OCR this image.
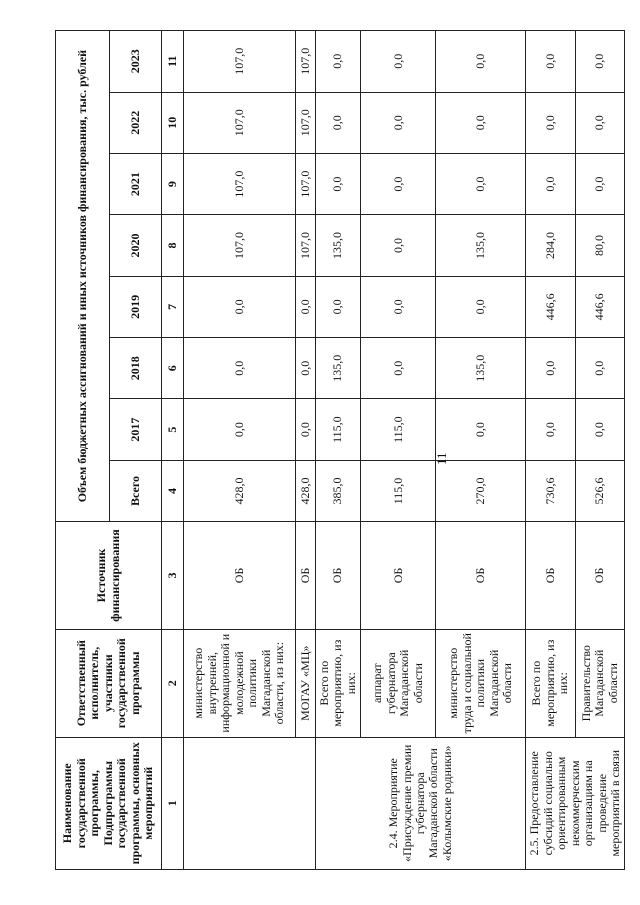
11
Наименование государственной программы, Подпрограммы государственной программы, основных мероприятий	Ответственный исполнитель, участники государственной программы	Источник финансирования	Объем бюджетных ассигнований и иных источников финансирования, тыс. рублей							
			Всего	2017	2018	2019	2020	2021	2022	2023
1	2	3	4	5	6	7	8	9	10	11
	министерство внутренней, информационной и молодежной политики Магаданской области, из них:	ОБ	428,0	0,0	0,0	0,0	107,0	107,0	107,0	107,0
	МОГАУ «МЦ»	ОБ	428,0	0,0	0,0	0,0	107,0	107,0	107,0	107,0
2.4. Мероприятие «Присуждение премии губернатора Магаданской области «Колымские родники»	Всего по мероприятию, из них:	ОБ	385,0	115,0	135,0	0,0	135,0	0,0	0,0	0,0
	аппарат губернатора Магаданской области	ОБ	115,0	115,0	0,0	0,0	0,0	0,0	0,0	0,0
	министерство труда и социальной политики Магаданской области	ОБ	270,0	0,0	135,0	0,0	135,0	0,0	0,0	0,0
2.5. Предоставление субсидий социально ориентированным некоммерческим организациям на проведение мероприятий в связи	Всего по мероприятию, из них:	ОБ	730,6	0,0	0,0	446,6	284,0	0,0	0,0	0,0
	Правительство Магаданской области	ОБ	526,6	0,0	0,0	446,6	80,0	0,0	0,0	0,0
